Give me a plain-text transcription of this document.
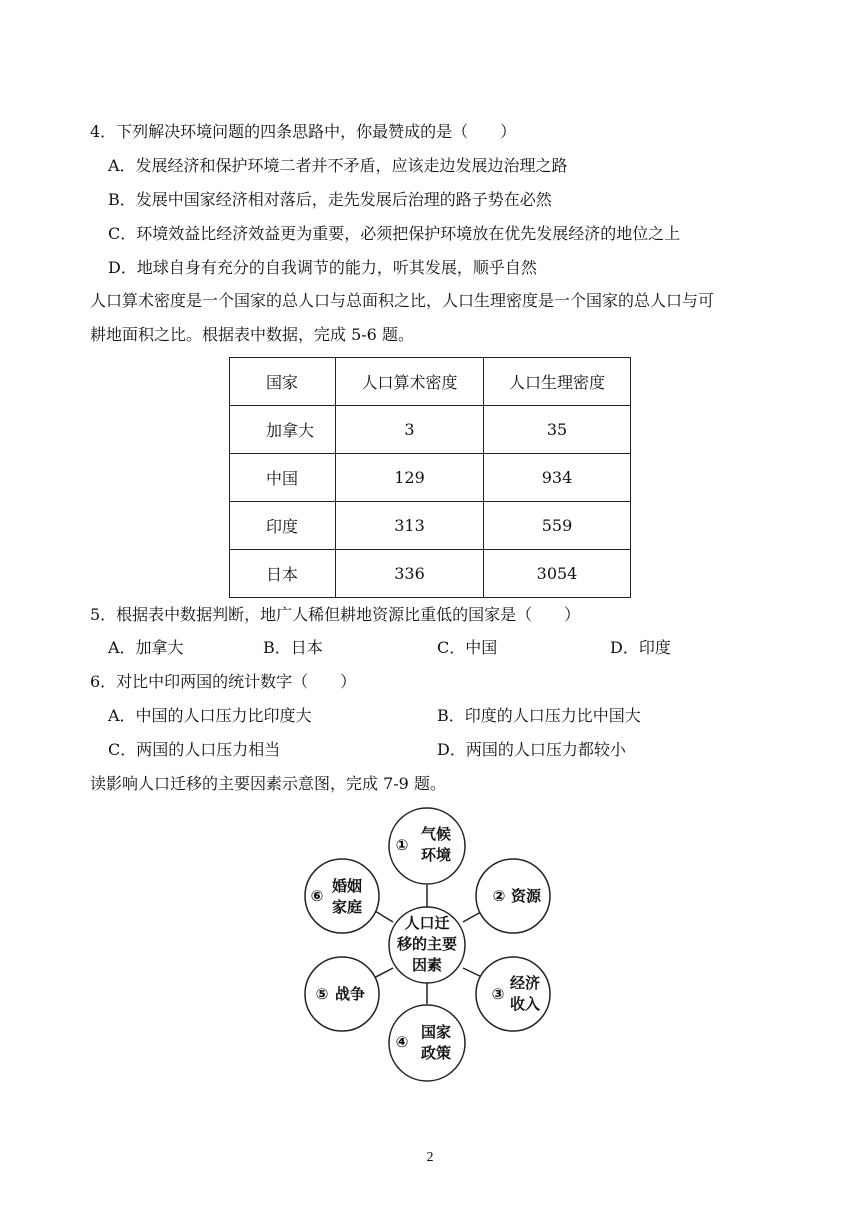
4．下列解决环境问题的四条思路中，你最赞成的是（　　）
A．发展经济和保护环境二者并不矛盾，应该走边发展边治理之路
B．发展中国家经济相对落后，走先发展后治理的路子势在必然
C．环境效益比经济效益更为重要，必须把保护环境放在优先发展经济的地位之上
D．地球自身有充分的自我调节的能力，听其发展，顺乎自然
人口算术密度是一个国家的总人口与总面积之比，人口生理密度是一个国家的总人口与可
耕地面积之比。根据表中数据，完成 5-6 题。
国家	人口算术密度	人口生理密度
加拿大	3	35
中国	129	934
印度	313	559
日本	336	3054
5．根据表中数据判断，地广人稀但耕地资源比重低的国家是（　　）
A．加拿大	B．日本	C．中国	D．印度
6．对比中印两国的统计数字（　　）
A．中国的人口压力比印度大	B．印度的人口压力比中国大
C．两国的人口压力相当	D．两国的人口压力都较小
读影响人口迁移的主要因素示意图，完成 7-9 题。
人口迁
移的主要
因素
①
气候
环境
② 资源
③
经济
收入
④
国家
政策
⑤ 战争
⑥
婚姻
家庭
2
